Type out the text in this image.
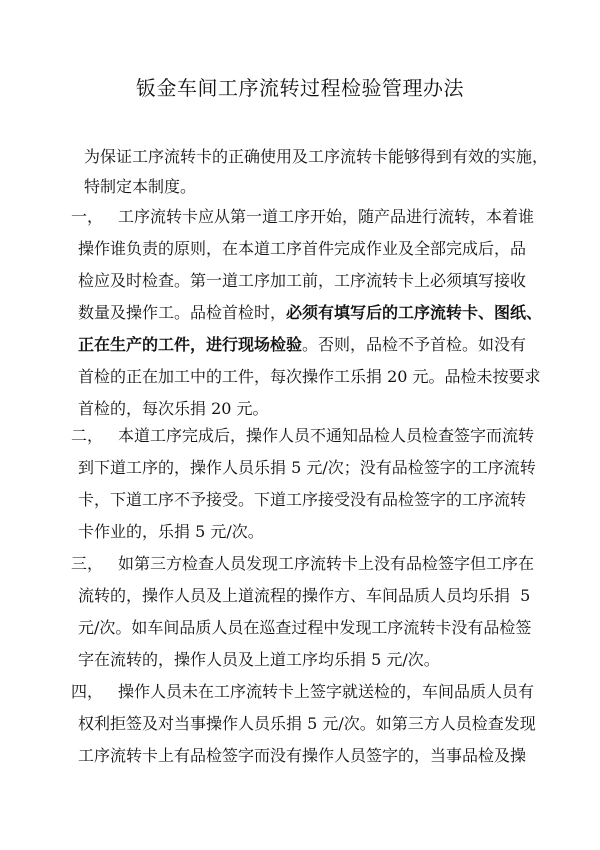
钣金车间工序流转过程检验管理办法
为保证工序流转卡的正确使用及工序流转卡能够得到有效的实施，
特制定本制度。
一， 工序流转卡应从第一道工序开始，随产品进行流转，本着谁
操作谁负责的原则，在本道工序首件完成作业及全部完成后，品
检应及时检查。第一道工序加工前，工序流转卡上必须填写接收
数量及操作工。品检首检时，必须有填写后的工序流转卡、图纸、
正在生产的工件，进行现场检验。否则，品检不予首检。如没有
首检的正在加工中的工件，每次操作工乐捐 20 元。品检未按要求
首检的，每次乐捐 20 元。
二， 本道工序完成后，操作人员不通知品检人员检查签字而流转
到下道工序的，操作人员乐捐 5 元/次；没有品检签字的工序流转
卡，下道工序不予接受。下道工序接受没有品检签字的工序流转
卡作业的，乐捐 5 元/次。
三， 如第三方检查人员发现工序流转卡上没有品检签字但工序在
流转的，操作人员及上道流程的操作方、车间品质人员均乐捐  5
元/次。如车间品质人员在巡查过程中发现工序流转卡没有品检签
字在流转的，操作人员及上道工序均乐捐 5 元/次。
四， 操作人员未在工序流转卡上签字就送检的，车间品质人员有
权利拒签及对当事操作人员乐捐 5 元/次。如第三方人员检查发现
工序流转卡上有品检签字而没有操作人员签字的，当事品检及操
